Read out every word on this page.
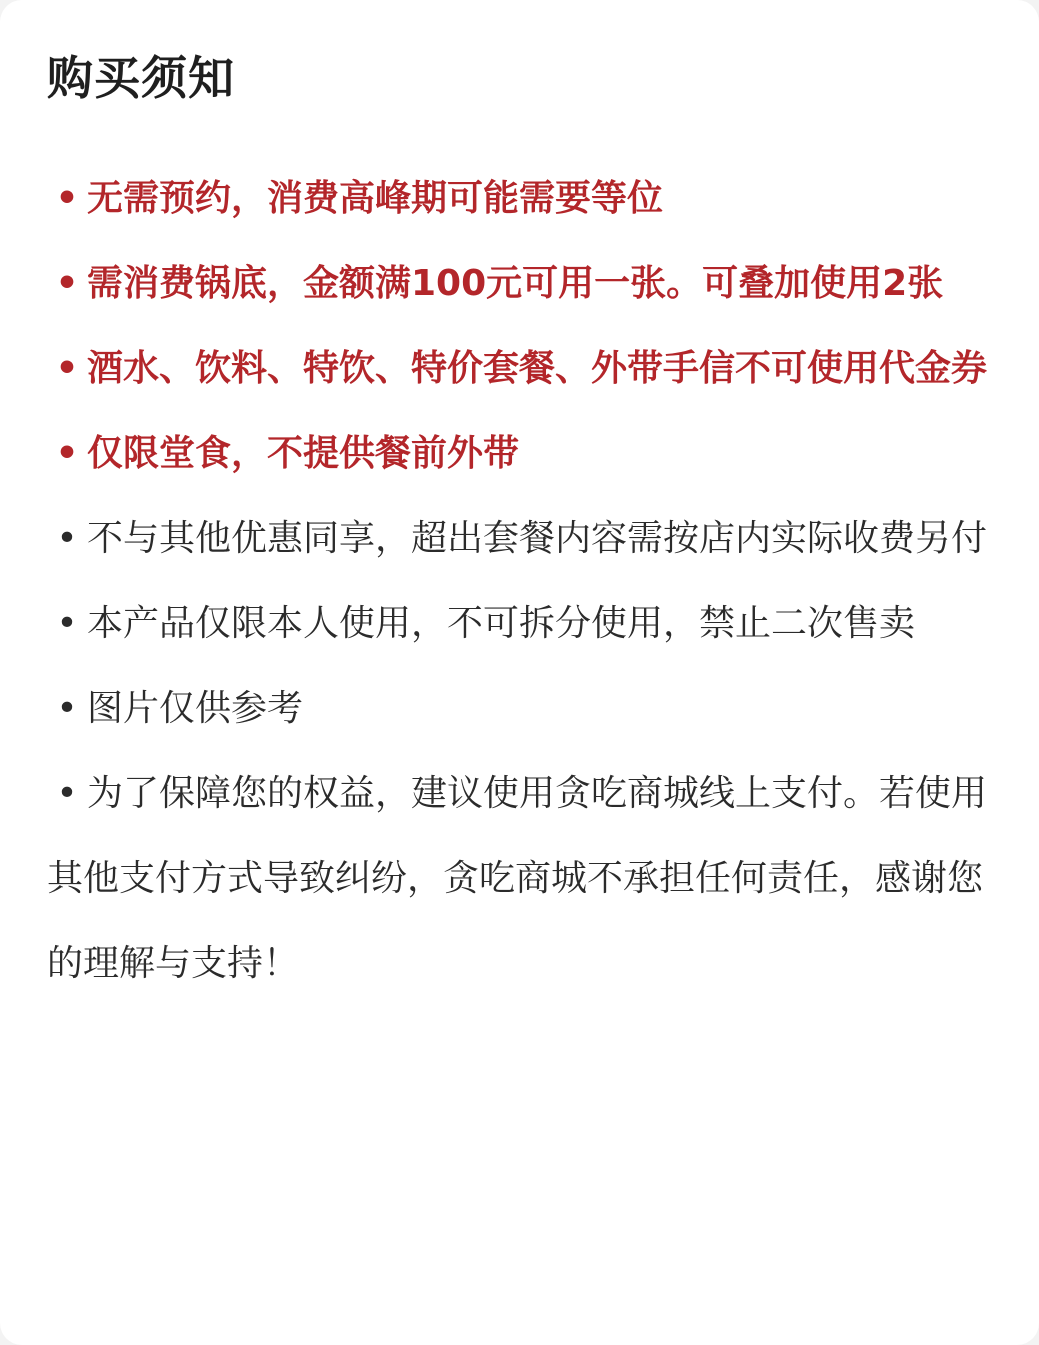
购买须知
• 无需预约，消费高峰期可能需要等位
• 需消费锅底，金额满100元可用一张。可叠加使用2张
• 酒水、饮料、特饮、特价套餐、外带手信不可使用代金券
• 仅限堂食，不提供餐前外带
• 不与其他优惠同享，超出套餐内容需按店内实际收费另付
• 本产品仅限本人使用，不可拆分使用，禁止二次售卖
• 图片仅供参考
• 为了保障您的权益，建议使用贪吃商城线上支付。若使用其他支付方式导致纠纷，贪吃商城不承担任何责任，感谢您的理解与支持！
